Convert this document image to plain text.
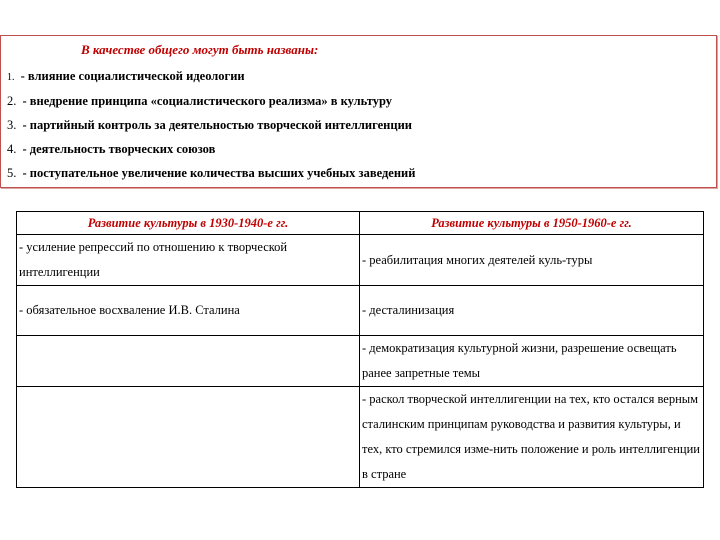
В качестве общего могут быть названы:
1. - влияние социалистической идеологии
2. - внедрение принципа «социалистического реализма» в культуру
3. - партийный контроль за деятельностью творческой интеллигенции
4. - деятельность творческих союзов
5. - поступательное увеличение количества высших учебных заведений
Развитие культуры в 1930-1940-е гг.	Развитие культуры в 1950-1960-е гг.

- усиление репрессий по отношению к творческой интеллигенции	- реабилитация многих деятелей куль-туры

- обязательное восхваление И.В. Сталина	- десталинизация

	- демократизация культурной жизни, разрешение освещать ранее запретные темы

	- раскол творческой интеллигенции на тех, кто остался верным сталинским принципам руководства и развития культуры, и тех, кто стремился изме-нить положение и роль интеллигенции в стране
